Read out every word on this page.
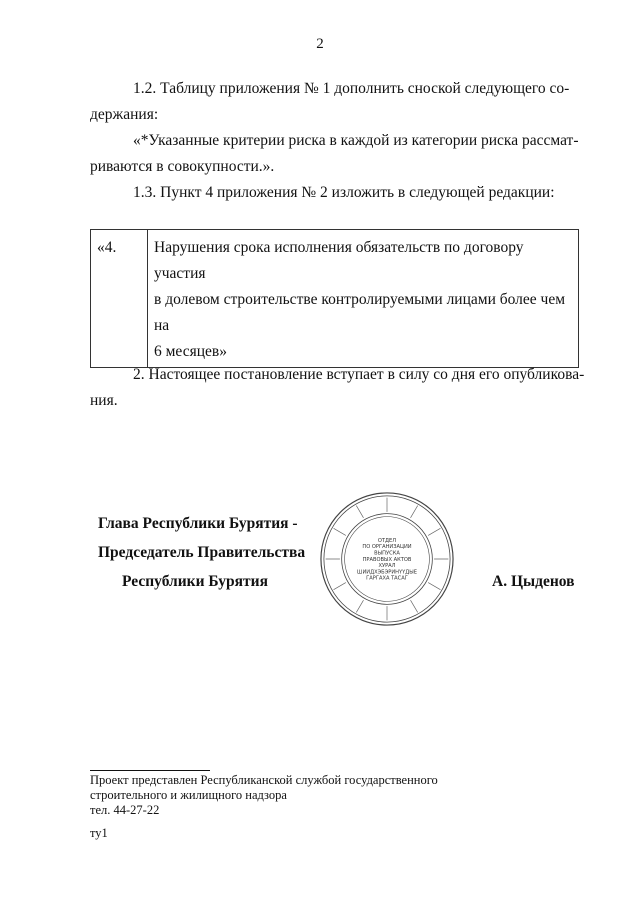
2
1.2. Таблицу приложения № 1 дополнить сноской следующего со-
держания:
«*Указанные критерии риска в каждой из категории риска рассмат-
риваются в совокупности.».
1.3. Пункт 4 приложения № 2 изложить в следующей редакции:
«4.	Нарушения срока исполнения обязательств по договору участия
в долевом строительстве контролируемыми лицами более чем на
6 месяцев»
2. Настоящее постановление вступает в силу со дня его опубликова-
ния.
Глава Республики Бурятия -
Председатель Правительства
Республики Бурятия	А. Цыденов
ОТДЕЛ
ПО ОРГАНИЗАЦИИ
ВЫПУСКА
ПРАВОВЫХ АКТОВ
ХУРАЛ
ШИИДХЭБЭРИНҮҮДЫЕ
ГАРГАХА ТАСАГ
Проект представлен Республиканской службой государственного
строительного и жилищного надзора
тел. 44-27-22
ту1
